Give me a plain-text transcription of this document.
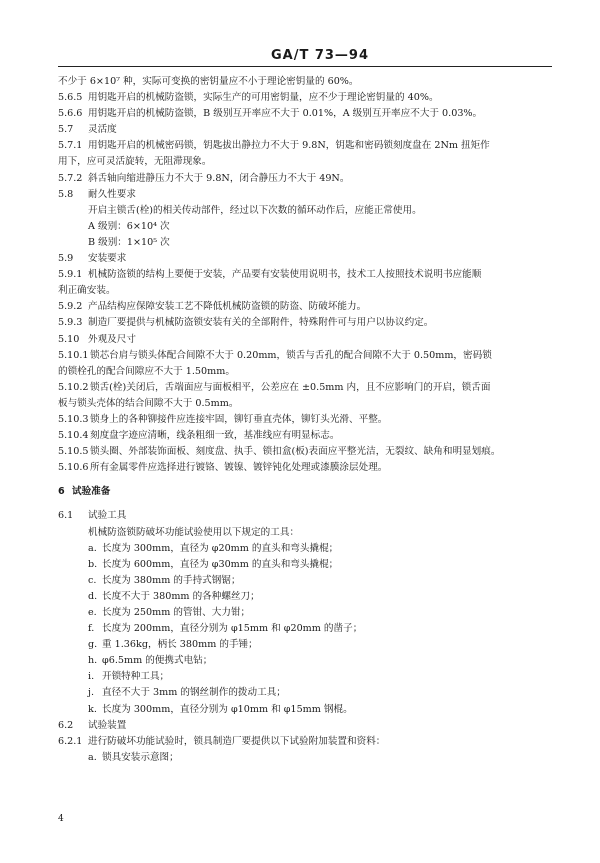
GA/T 73—94
不少于 6×10⁷ 种，实际可变换的密钥量应不小于理论密钥量的 60%。
5.6.5 用钥匙开启的机械防盗锁，实际生产的可用密钥量，应不少于理论密钥量的 40%。
5.6.6 用钥匙开启的机械防盗锁，B 级别互开率应不大于 0.01%，A 级别互开率应不大于 0.03%。
5.7 灵活度
5.7.1 用钥匙开启的机械密码锁，钥匙拔出静拉力不大于 9.8N，钥匙和密码锁刻度盘在 2Nm 扭矩作
用下，应可灵活旋转，无阻滞现象。
5.7.2 斜舌轴向缩进静压力不大于 9.8N，闭合静压力不大于 49N。
5.8 耐久性要求
开启主锁舌(栓)的相关传动部件，经过以下次数的循环动作后，应能正常使用。
A 级别：6×10⁴ 次
B 级别：1×10⁵ 次
5.9 安装要求
5.9.1 机械防盗锁的结构上要便于安装，产品要有安装使用说明书，技术工人按照技术说明书应能顺
利正确安装。
5.9.2 产品结构应保障安装工艺不降低机械防盗锁的防盗、防破坏能力。
5.9.3 制造厂要提供与机械防盗锁安装有关的全部附件，特殊附件可与用户以协议约定。
5.10 外观及尺寸
5.10.1锁芯台肩与锁头体配合间隙不大于 0.20mm，锁舌与舌孔的配合间隙不大于 0.50mm，密码锁
的锁栓孔的配合间隙应不大于 1.50mm。
5.10.2锁舌(栓)关闭后，舌端面应与面板相平，公差应在 ±0.5mm 内，且不应影响门的开启，锁舌面
板与锁头壳体的结合间隙不大于 0.5mm。
5.10.3锁身上的各种铆接件应连接牢固，铆钉垂直壳体，铆钉头光滑、平整。
5.10.4刻度盘字迹应清晰，线条粗细一致，基准线应有明显标志。
5.10.5锁头圈、外部装饰面板、刻度盘、执手、锁扣盒(板)表面应平整光洁，无裂纹、缺角和明显划痕。
5.10.6所有金属零件应选择进行镀铬、镀镍、镀锌钝化处理或漆膜涂层处理。
6 试验准备
6.1 试验工具
机械防盗锁防破坏功能试验使用以下规定的工具：
a. 长度为 300mm，直径为 φ20mm 的直头和弯头撬棍；
b. 长度为 600mm，直径为 φ30mm 的直头和弯头撬棍；
c. 长度为 380mm 的手持式钢锯；
d. 长度不大于 380mm 的各种螺丝刀；
e. 长度为 250mm 的管钳、大力钳；
f. 长度为 200mm，直径分别为 φ15mm 和 φ20mm 的凿子；
g. 重 1.36kg，柄长 380mm 的手锤；
h. φ6.5mm 的便携式电钻；
i. 开锁特种工具；
j. 直径不大于 3mm 的钢丝制作的拨动工具；
k. 长度为 300mm，直径分别为 φ10mm 和 φ15mm 钢棍。
6.2 试验装置
6.2.1 进行防破坏功能试验时，锁具制造厂要提供以下试验附加装置和资料：
a. 锁具安装示意图；
4
